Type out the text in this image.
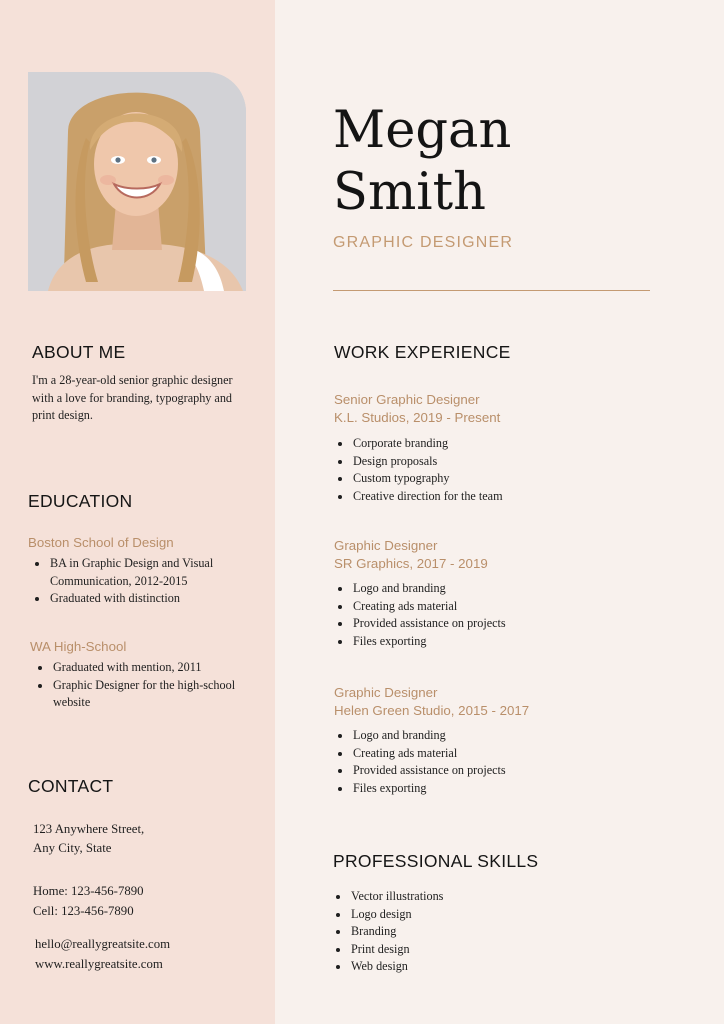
Megan
Smith
GRAPHIC DESIGNER
ABOUT ME
I'm a 28-year-old senior graphic designer with a love for branding, typography and print design.
EDUCATION
Boston School of Design
BA in Graphic Design and Visual Communication, 2012-2015
Graduated with distinction
WA High-School
Graduated with mention, 2011
Graphic Designer for the high-school website
CONTACT
123 Anywhere Street,
Any City, State
Home: 123-456-7890
Cell: 123-456-7890
hello@reallygreatsite.com
www.reallygreatsite.com
WORK EXPERIENCE
Senior Graphic Designer
K.L. Studios, 2019 - Present
Corporate branding
Design proposals
Custom typography
Creative direction for the team
Graphic Designer
SR Graphics, 2017 - 2019
Logo and branding
Creating ads material
Provided assistance on projects
Files exporting
Graphic Designer
Helen Green Studio, 2015 - 2017
Logo and branding
Creating ads material
Provided assistance on projects
Files exporting
PROFESSIONAL SKILLS
Vector illustrations
Logo design
Branding
Print design
Web design
